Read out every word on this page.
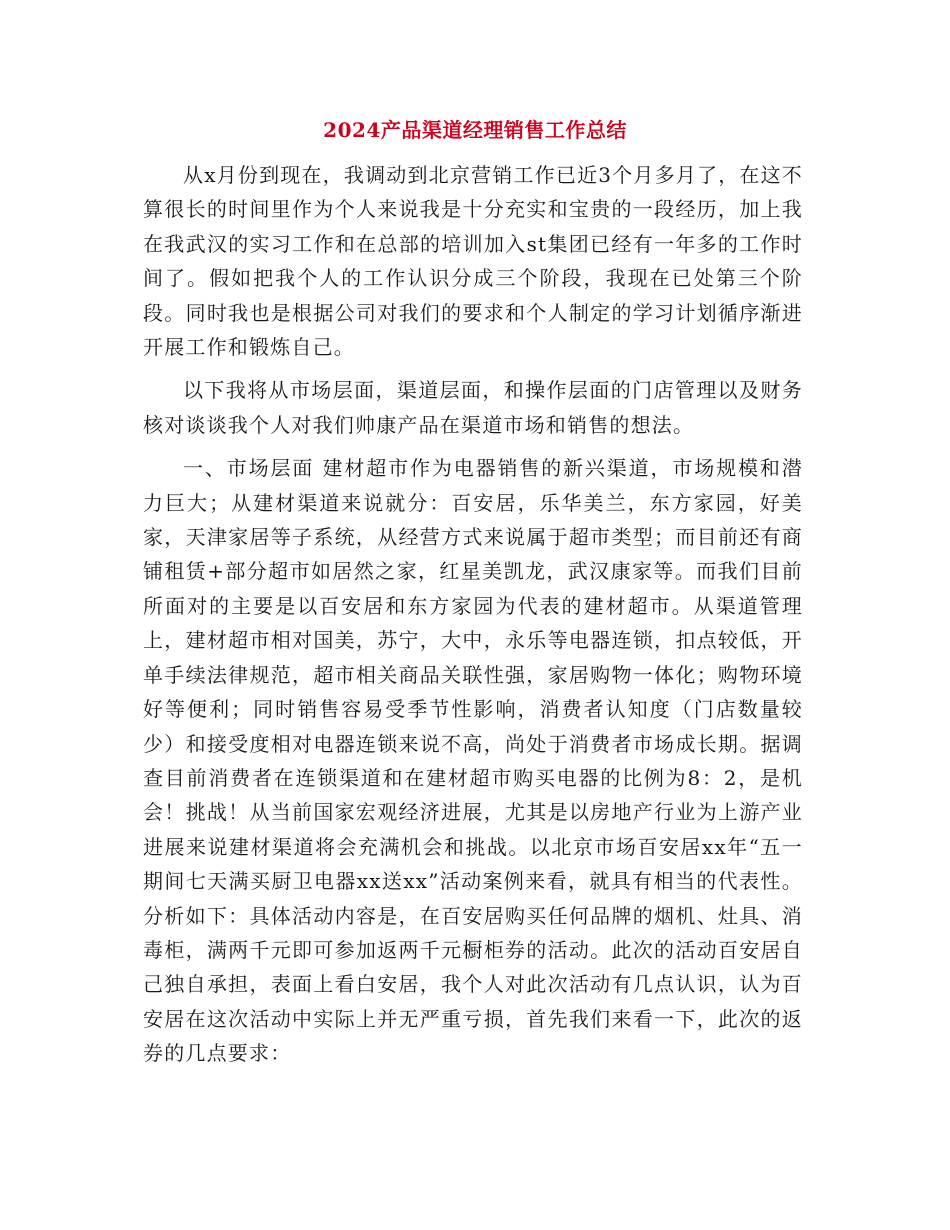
2024产品渠道经理销售工作总结

从x月份到现在，我调动到北京营销工作已近3个月多月了，在这不算很长的时间里作为个人来说我是十分充实和宝贵的一段经历，加上我在我武汉的实习工作和在总部的培训加入st集团已经有一年多的工作时间了。假如把我个人的工作认识分成三个阶段，我现在已处第三个阶段。同时我也是根据公司对我们的要求和个人制定的学习计划循序渐进开展工作和锻炼自己。

以下我将从市场层面，渠道层面，和操作层面的门店管理以及财务核对谈谈我个人对我们帅康产品在渠道市场和销售的想法。

一、市场层面 建材超市作为电器销售的新兴渠道，市场规模和潜力巨大；从建材渠道来说就分：百安居，乐华美兰，东方家园，好美家，天津家居等子系统，从经营方式来说属于超市类型；而目前还有商铺租赁+部分超市如居然之家，红星美凯龙，武汉康家等。而我们目前所面对的主要是以百安居和东方家园为代表的建材超市。从渠道管理上，建材超市相对国美，苏宁，大中，永乐等电器连锁，扣点较低，开单手续法律规范，超市相关商品关联性强，家居购物一体化；购物环境好等便利；同时销售容易受季节性影响，消费者认知度（门店数量较少）和接受度相对电器连锁来说不高，尚处于消费者市场成长期。据调查目前消费者在连锁渠道和在建材超市购买电器的比例为8：2，是机会！挑战！从当前国家宏观经济进展，尤其是以房地产行业为上游产业进展来说建材渠道将会充满机会和挑战。以北京市场百安居xx年“五一期间七天满买厨卫电器xx送xx”活动案例来看，就具有相当的代表性。分析如下：具体活动内容是，在百安居购买任何品牌的烟机、灶具、消毒柜，满两千元即可参加返两千元橱柜券的活动。此次的活动百安居自己独自承担，表面上看白安居，我个人对此次活动有几点认识，认为百安居在这次活动中实际上并无严重亏损，首先我们来看一下，此次的返券的几点要求：
